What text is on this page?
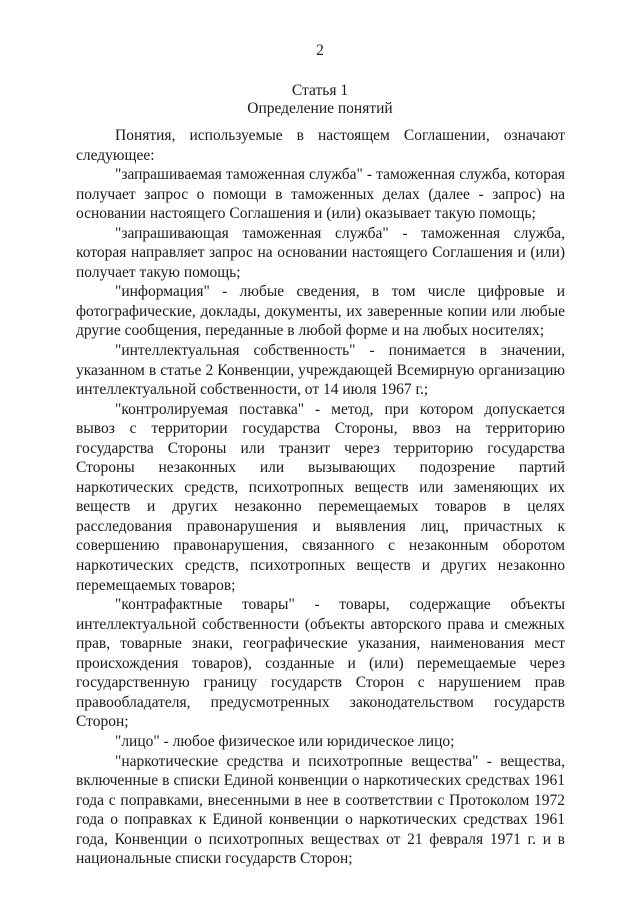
2
Статья 1
Определение понятий

Понятия, используемые в настоящем Соглашении, означают следующее:

"запрашиваемая таможенная служба" - таможенная служба, которая получает запрос о помощи в таможенных делах (далее - запрос) на основании настоящего Соглашения и (или) оказывает такую помощь;

"запрашивающая таможенная служба" - таможенная служба, которая направляет запрос на основании настоящего Соглашения и (или) получает такую помощь;

"информация" - любые сведения, в том числе цифровые и фотографические, доклады, документы, их заверенные копии или любые другие сообщения, переданные в любой форме и на любых носителях;

"интеллектуальная собственность" - понимается в значении, указанном в статье 2 Конвенции, учреждающей Всемирную организацию интеллектуальной собственности, от 14 июля 1967 г.;

"контролируемая поставка" - метод, при котором допускается вывоз с территории государства Стороны, ввоз на территорию государства Стороны или транзит через территорию государства Стороны незаконных или вызывающих подозрение партий наркотических средств, психотропных веществ или заменяющих их веществ и других незаконно перемещаемых товаров в целях расследования правонарушения и выявления лиц, причастных к совершению правонарушения, связанного с незаконным оборотом наркотических средств, психотропных веществ и других незаконно перемещаемых товаров;

"контрафактные товары" - товары, содержащие объекты интеллектуальной собственности (объекты авторского права и смежных прав, товарные знаки, географические указания, наименования мест происхождения товаров), созданные и (или) перемещаемые через государственную границу государств Сторон с нарушением прав правообладателя, предусмотренных законодательством государств Сторон;

"лицо" - любое физическое или юридическое лицо;

"наркотические средства и психотропные вещества" - вещества, включенные в списки Единой конвенции о наркотических средствах 1961 года с поправками, внесенными в нее в соответствии с Протоколом 1972 года о поправках к Единой конвенции о наркотических средствах 1961 года, Конвенции о психотропных веществах от 21 февраля 1971 г. и в национальные списки государств Сторон;
